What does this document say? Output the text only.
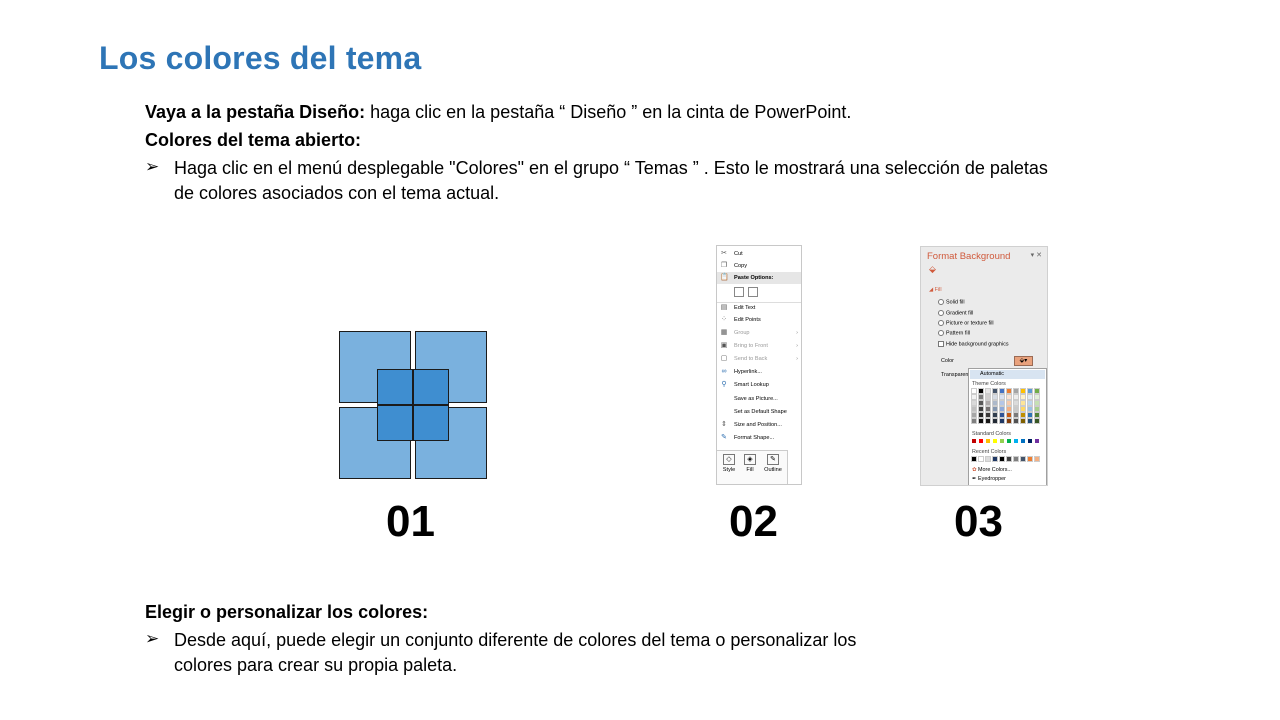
Los colores del tema
Vaya a la pestaña Diseño: haga clic en la pestaña “ Diseño ” en la cinta de PowerPoint.
Colores del tema abierto:
➢ Haga clic en el menú desplegable "Colores" en el grupo “ Temas ” . Esto le mostrará una selección de paletas
de colores asociados con el tema actual.
✂ Cut
❐ Copy
📋 Paste Options:
▤ Edit Text
⁘ Edit Points
▦ Group	›
▣ Bring to Front	›
▢ Send to Back	›
∞ Hyperlink...
⚲ Smart Lookup
Save as Picture...
Set as Default Shape
⇕ Size and Position...
✎ Format Shape...
◇
Style
◈
Fill
✎
Outline
Format Background	▾ ✕
⬙
◢ Fill
Solid fill
Gradient fill
Picture or texture fill
Pattern fill
Hide background graphics
Color	⬙▾
Transparen	Automatic
Theme Colors
Standard Colors
Recent Colors
✿ More Colors...
✒ Eyedropper
01	02	03
Elegir o personalizar los colores:
➢ Desde aquí, puede elegir un conjunto diferente de colores del tema o personalizar los
colores para crear su propia paleta.
